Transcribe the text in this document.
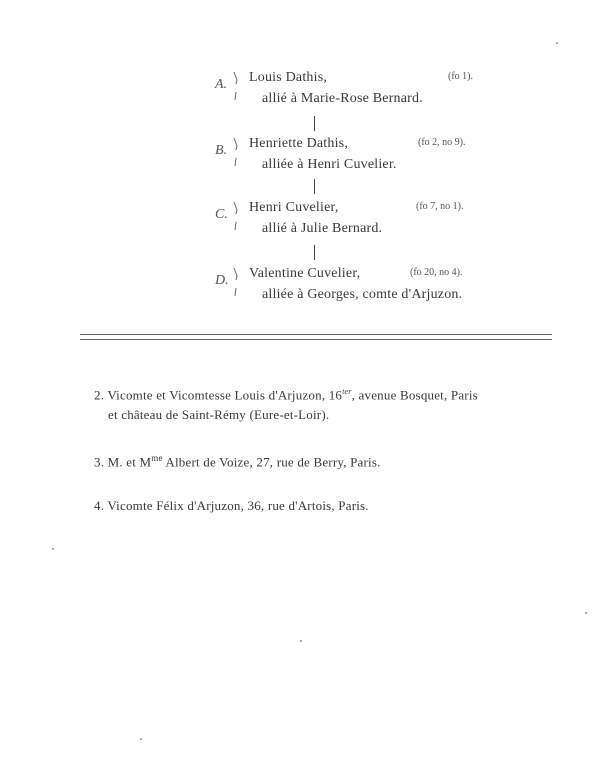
A. Louis Dathis,
allié à Marie-Rose Bernard.
(fo 1).
B. Henriette Dathis,
alliée à Henri Cuvelier.
(fo 2, no 9).
C. Henri Cuvelier,
allié à Julie Bernard.
(fo 7, no 1).
D. Valentine Cuvelier,
alliée à Georges, comte d'Arjuzon.
(fo 20, no 4).
2. Vicomte et Vicomtesse Louis d'Arjuzon, $16^{ter}$, avenue Bosquet, Paris
et château de Saint-Rémy (Eure-et-Loir).
3. M. et $M^{me}$ Albert de Voize, 27, rue de Berry, Paris.
4. Vicomte Félix d'Arjuzon, 36, rue d'Artois, Paris.
